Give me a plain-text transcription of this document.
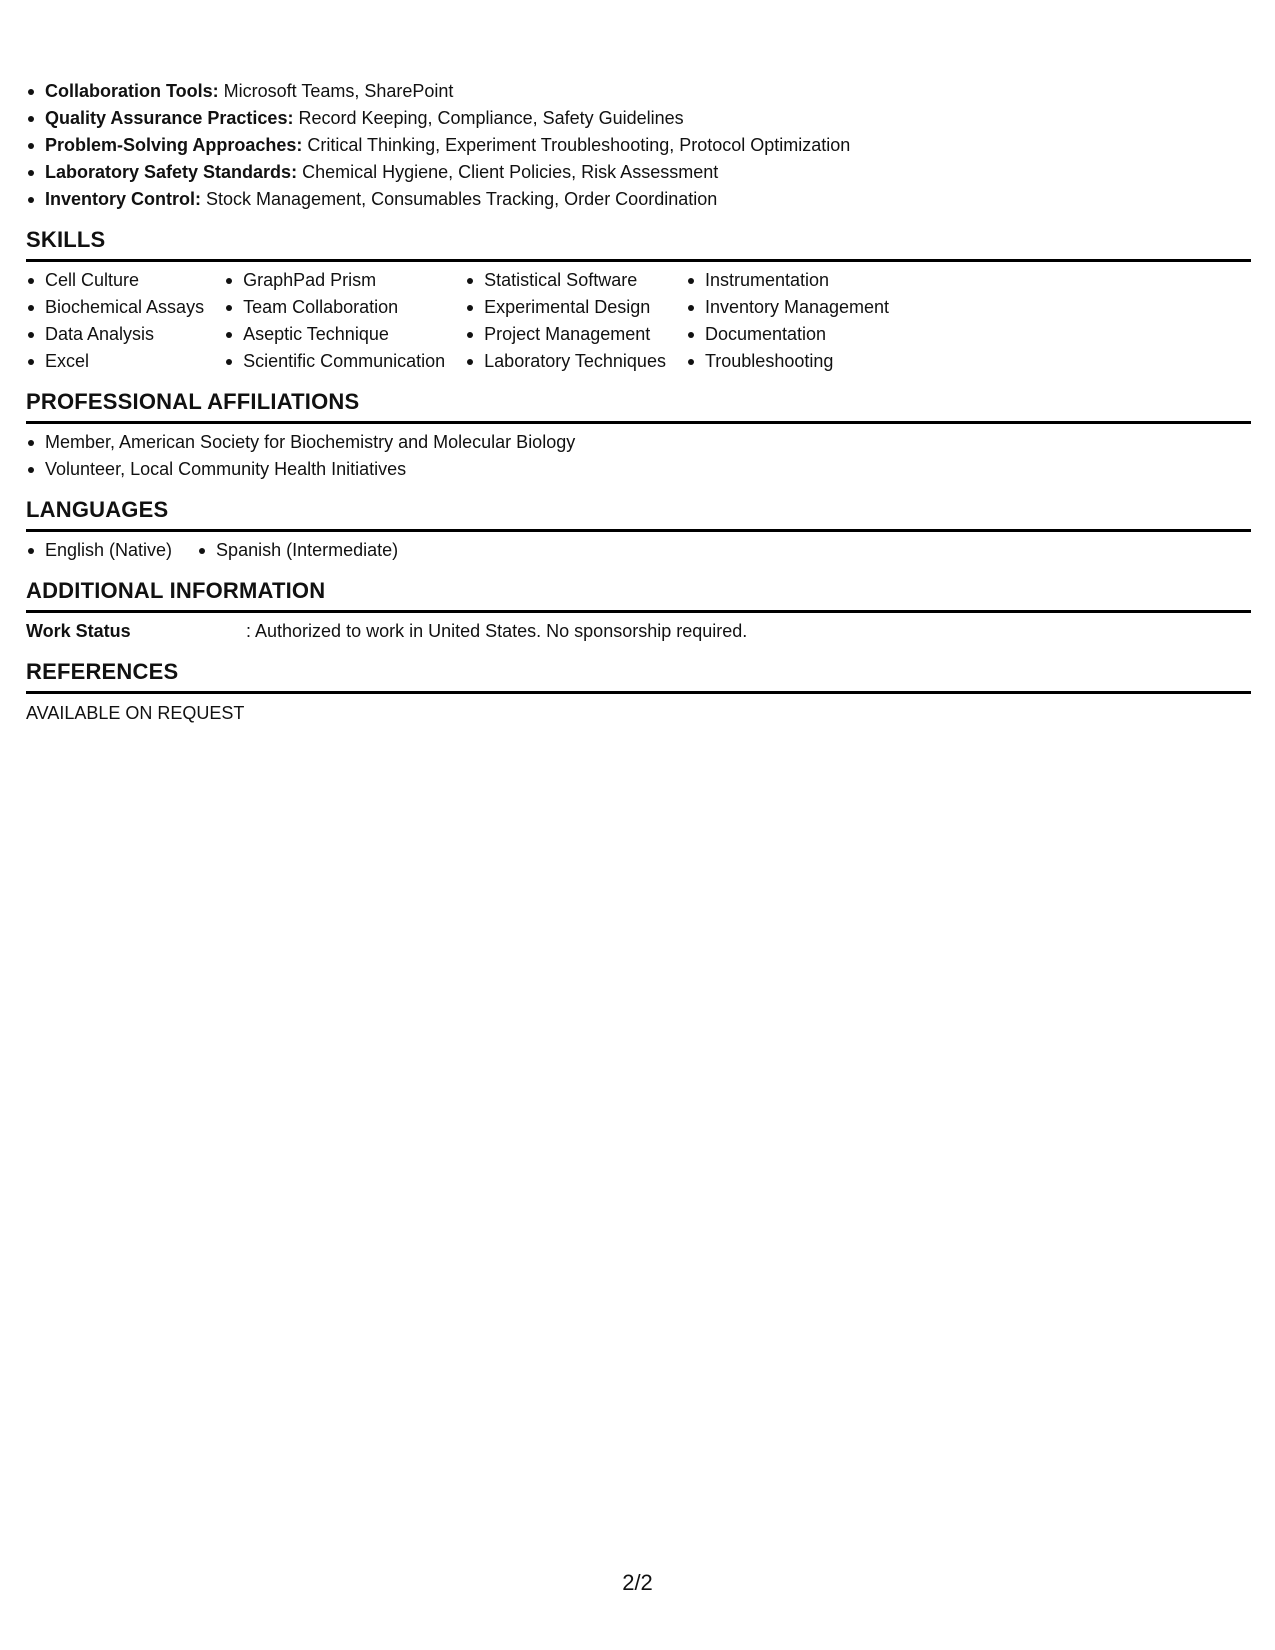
Collaboration Tools: Microsoft Teams, SharePoint
Quality Assurance Practices: Record Keeping, Compliance, Safety Guidelines
Problem-Solving Approaches: Critical Thinking, Experiment Troubleshooting, Protocol Optimization
Laboratory Safety Standards: Chemical Hygiene, Client Policies, Risk Assessment
Inventory Control: Stock Management, Consumables Tracking, Order Coordination
SKILLS
Cell Culture
Biochemical Assays
Data Analysis
Excel
GraphPad Prism
Team Collaboration
Aseptic Technique
Scientific Communication
Statistical Software
Experimental Design
Project Management
Laboratory Techniques
Instrumentation
Inventory Management
Documentation
Troubleshooting
PROFESSIONAL AFFILIATIONS
Member, American Society for Biochemistry and Molecular Biology
Volunteer, Local Community Health Initiatives
LANGUAGES
English (Native)	Spanish (Intermediate)
ADDITIONAL INFORMATION
Work Status	: Authorized to work in United States. No sponsorship required.
REFERENCES
AVAILABLE ON REQUEST
2/2
